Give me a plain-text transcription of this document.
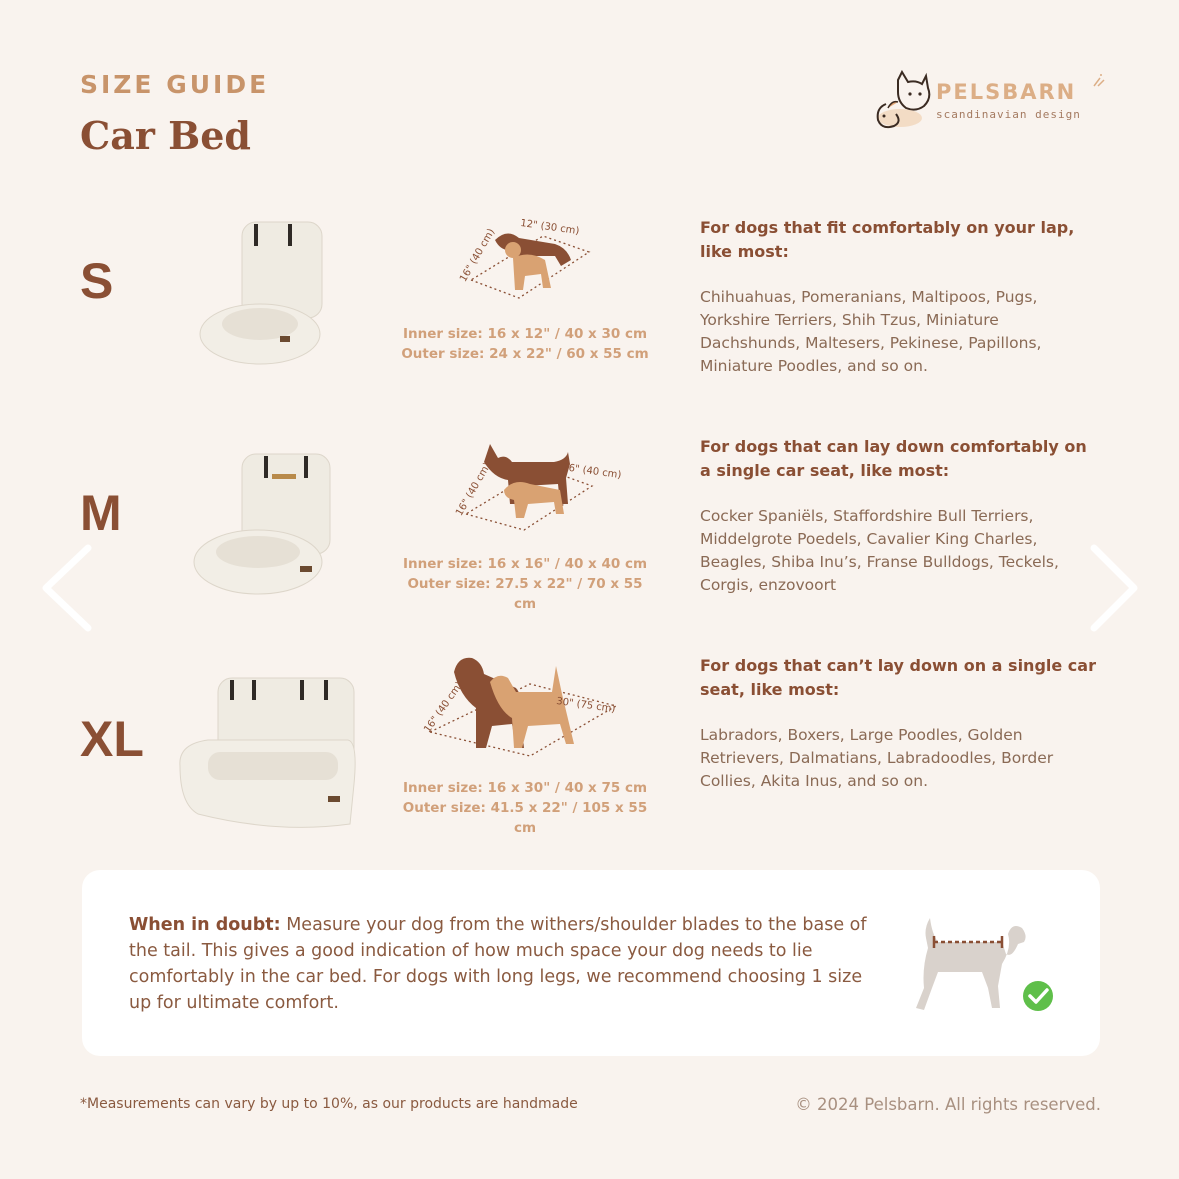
SIZE GUIDE
Car Bed
PELSBARN
scandinavian design
S
12" (30 cm)
16" (40 cm)
Inner size: 16 x 12" / 40 x 30 cm
Outer size: 24 x 22" / 60 x 55 cm
For dogs that fit comfortably on your lap, like most:
Chihuahuas, Pomeranians, Maltipoos, Pugs, Yorkshire Terriers, Shih Tzus, Miniature Dachshunds, Maltesers, Pekinese, Papillons, Miniature Poodles, and so on.
M
16" (40 cm)
16" (40 cm)
Inner size: 16 x 16" / 40 x 40 cm
Outer size: 27.5 x 22" / 70 x 55 cm
For dogs that can lay down comfortably on a single car seat, like most:
Cocker Spaniëls, Staffordshire Bull Terriers, Middelgrote Poedels, Cavalier King Charles, Beagles, Shiba Inu’s, Franse Bulldogs, Teckels, Corgis, enzovoort
XL
30" (75 cm)
16" (40 cm)
Inner size: 16 x 30" / 40 x 75 cm
Outer size: 41.5 x 22" / 105 x 55 cm
For dogs that can’t lay down on a single car seat, like most:
Labradors, Boxers, Large Poodles, Golden Retrievers, Dalmatians, Labradoodles, Border Collies, Akita Inus, and so on.
When in doubt: Measure your dog from the withers/shoulder blades to the base of the tail. This gives a good indication of how much space your dog needs to lie comfortably in the car bed. For dogs with long legs, we recommend choosing 1 size up for ultimate comfort.
*Measurements can vary by up to 10%, as our products are handmade	© 2024 Pelsbarn. All rights reserved.
